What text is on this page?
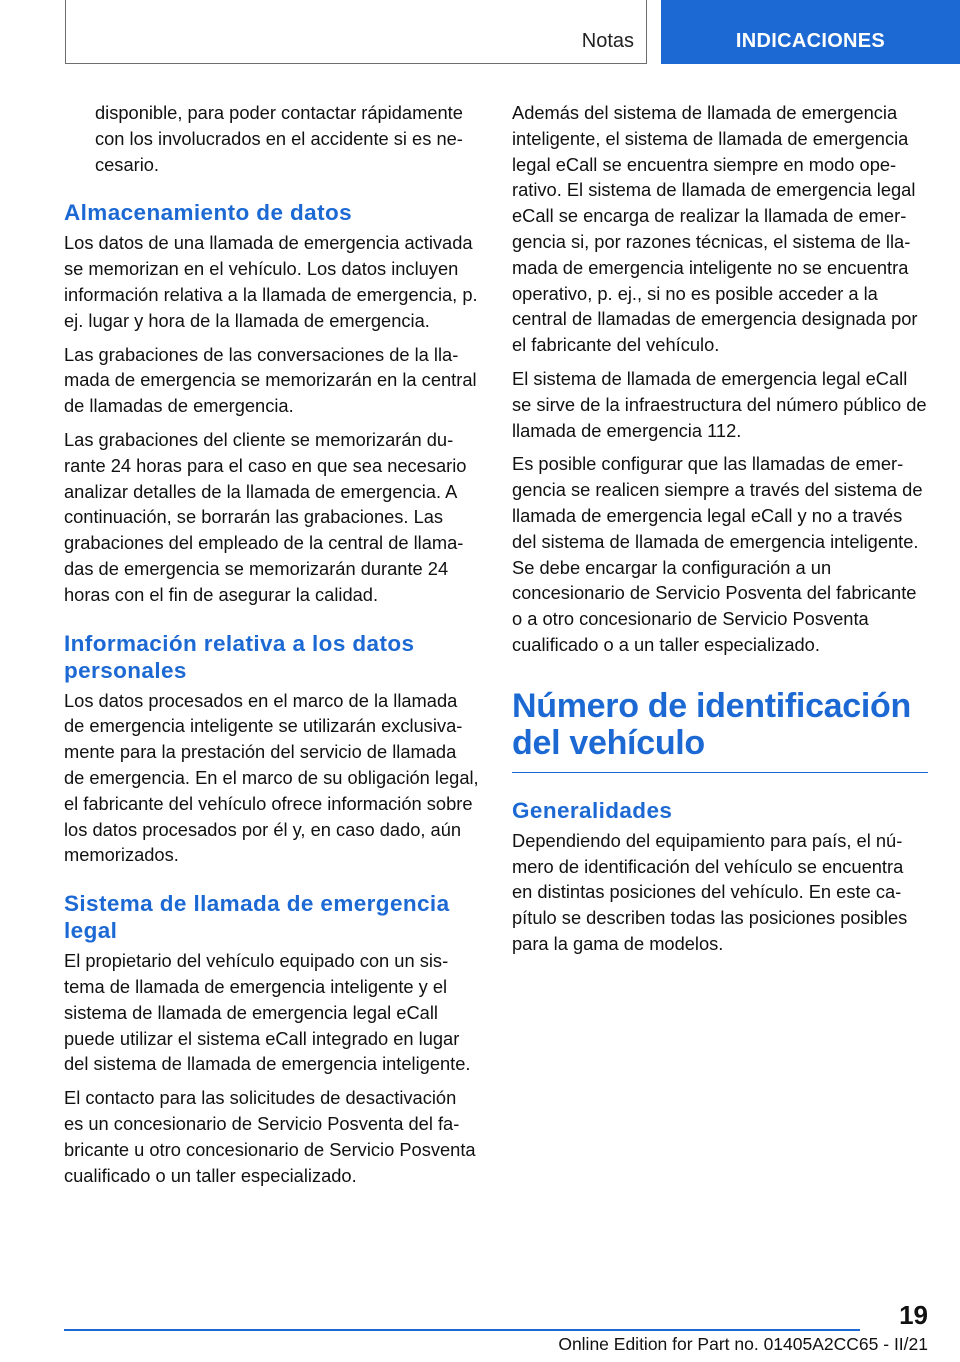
Notas	INDICACIONES

disponible, para poder contactar rápidamente con los involucrados en el accidente si es necesario.

Almacenamiento de datos

Los datos de una llamada de emergencia activada se memorizan en el vehículo. Los datos incluyen información relativa a la llamada de emergencia, p. ej. lugar y hora de la llamada de emergencia.

Las grabaciones de las conversaciones de la llamada de emergencia se memorizarán en la central de llamadas de emergencia.

Las grabaciones del cliente se memorizarán durante 24 horas para el caso en que sea necesario analizar detalles de la llamada de emergencia. A continuación, se borrarán las grabaciones. Las grabaciones del empleado de la central de llamadas de emergencia se memorizarán durante 24 horas con el fin de asegurar la calidad.

Información relativa a los datos personales

Los datos procesados en el marco de la llamada de emergencia inteligente se utilizarán exclusivamente para la prestación del servicio de llamada de emergencia. En el marco de su obligación legal, el fabricante del vehículo ofrece información sobre los datos procesados por él y, en caso dado, aún memorizados.

Sistema de llamada de emergencia legal

El propietario del vehículo equipado con un sistema de llamada de emergencia inteligente y el sistema de llamada de emergencia legal eCall puede utilizar el sistema eCall integrado en lugar del sistema de llamada de emergencia inteligente.

El contacto para las solicitudes de desactivación es un concesionario de Servicio Posventa del fabricante u otro concesionario de Servicio Posventa cualificado o un taller especializado.

Además del sistema de llamada de emergencia inteligente, el sistema de llamada de emergencia legal eCall se encuentra siempre en modo operativo. El sistema de llamada de emergencia legal eCall se encarga de realizar la llamada de emergencia si, por razones técnicas, el sistema de llamada de emergencia inteligente no se encuentra operativo, p. ej., si no es posible acceder a la central de llamadas de emergencia designada por el fabricante del vehículo.

El sistema de llamada de emergencia legal eCall se sirve de la infraestructura del número público de llamada de emergencia 112.

Es posible configurar que las llamadas de emergencia se realicen siempre a través del sistema de llamada de emergencia legal eCall y no a través del sistema de llamada de emergencia inteligente. Se debe encargar la configuración a un concesionario de Servicio Posventa del fabricante o a otro concesionario de Servicio Posventa cualificado o a un taller especializado.

Número de identificación del vehículo
Generalidades

Dependiendo del equipamiento para país, el número de identificación del vehículo se encuentra en distintas posiciones del vehículo. En este capítulo se describen todas las posiciones posibles para la gama de modelos.

19
Online Edition for Part no. 01405A2CC65 - II/21
